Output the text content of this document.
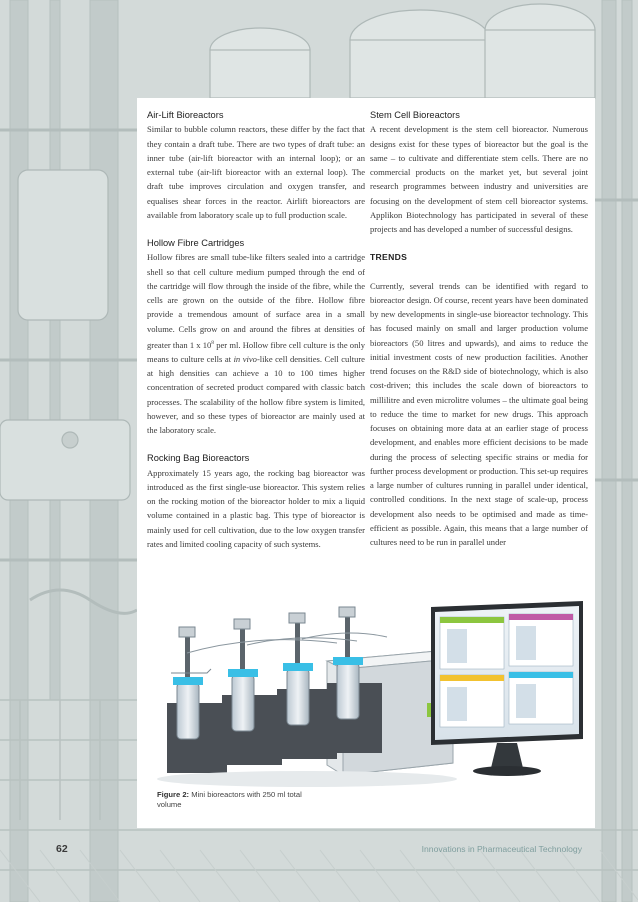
Air-Lift Bioreactors

Similar to bubble column reactors, these differ by the fact that they contain a draft tube. There are two types of draft tube: an inner tube (air-lift bioreactor with an internal loop); or an external tube (air-lift bioreactor with an external loop). The draft tube improves circulation and oxygen transfer, and equalises shear forces in the reactor. Airlift bioreactors are available from laboratory scale up to full production scale.

Hollow Fibre Cartridges

Hollow fibres are small tube-like filters sealed into a cartridge shell so that cell culture medium pumped through the end of the cartridge will flow through the inside of the fibre, while the cells are grown on the outside of the fibre. Hollow fibre provide a tremendous amount of surface area in a small volume. Cells grow on and around the fibres at densities of greater than 1 x $10^8$ per ml. Hollow fibre cell culture is the only means to culture cells at in vivo-like cell densities. Cell culture at high densities can achieve a 10 to 100 times higher concentration of secreted product compared with classic batch processes. The scalability of the hollow fibre system is limited, however, and so these types of bioreactor are mainly used at the laboratory scale.

Rocking Bag Bioreactors

Approximately 15 years ago, the rocking bag bioreactor was introduced as the first single-use bioreactor. This system relies on the rocking motion of the bioreactor holder to mix a liquid volume contained in a plastic bag. This type of bioreactor is mainly used for cell cultivation, due to the low oxygen transfer rates and limited cooling capacity of such systems.

Stem Cell Bioreactors

A recent development is the stem cell bioreactor. Numerous designs exist for these types of bioreactor but the goal is the same – to cultivate and differentiate stem cells. There are no commercial products on the market yet, but several joint research programmes between industry and universities are focusing on the development of stem cell bioreactor systems. Applikon Biotechnology has participated in several of these projects and has developed a number of successful designs.

TRENDS

Currently, several trends can be identified with regard to bioreactor design. Of course, recent years have been dominated by new developments in single-use bioreactor technology. This has focused mainly on small and larger production volume bioreactors (50 litres and upwards), and aims to reduce the initial investment costs of new production facilities. Another trend focuses on the R&D side of biotechnology, which is also cost-driven; this includes the scale down of bioreactors to millilitre and even microlitre volumes – the ultimate goal being to reduce the time to market for new drugs. This approach focuses on obtaining more data at an earlier stage of process development, and enables more efficient decisions to be made during the process of selecting specific strains or media for further process development or production. This set-up requires a large number of cultures running in parallel under identical, controlled conditions. In the next stage of scale-up, process development also needs to be optimised and made as time-efficient as possible. Again, this means that a large number of cultures need to be run in parallel under

Figure 2: Mini bioreactors with 250 ml total volume
62	Innovations in Pharmaceutical Technology
